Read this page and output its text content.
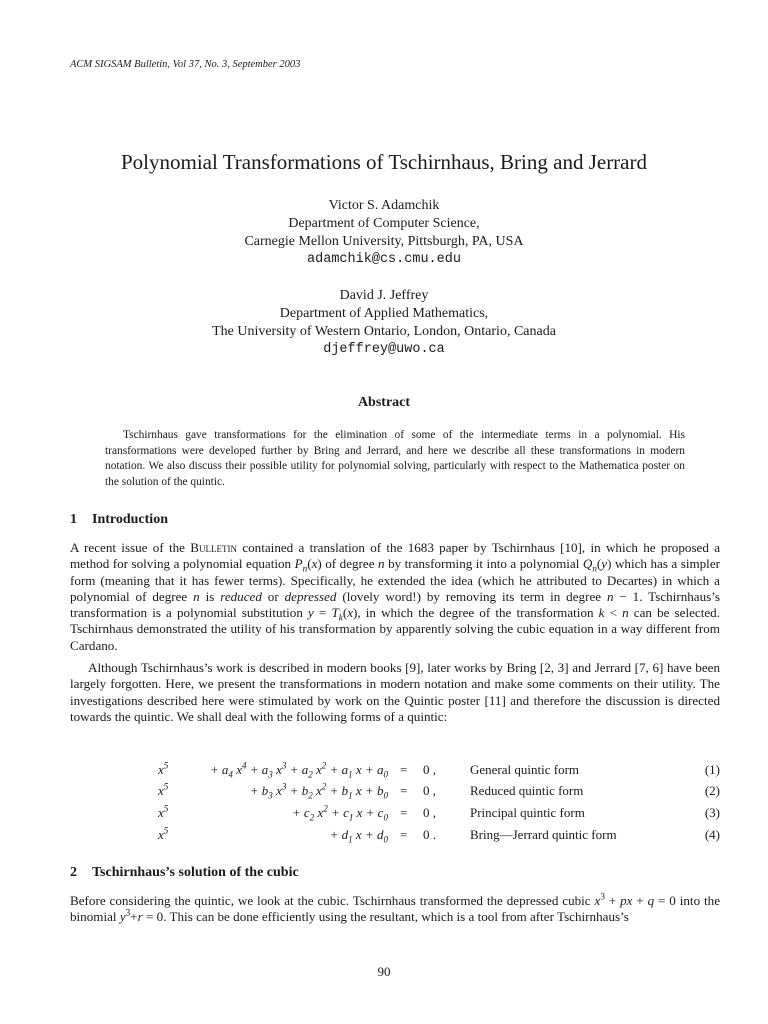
ACM SIGSAM Bulletin, Vol 37, No. 3, September 2003
Polynomial Transformations of Tschirnhaus, Bring and Jerrard
Victor S. Adamchik
Department of Computer Science,
Carnegie Mellon University, Pittsburgh, PA, USA
adamchik@cs.cmu.edu
David J. Jeffrey
Department of Applied Mathematics,
The University of Western Ontario, London, Ontario, Canada
djeffrey@uwo.ca
Abstract
Tschirnhaus gave transformations for the elimination of some of the intermediate terms in a polynomial. His transformations were developed further by Bring and Jerrard, and here we describe all these transformations in modern notation. We also discuss their possible utility for polynomial solving, particularly with respect to the Mathematica poster on the solution of the quintic.
1 Introduction
A recent issue of the Bulletin contained a translation of the 1683 paper by Tschirnhaus [10], in which he proposed a method for solving a polynomial equation $P_n(x)$ of degree n by transforming it into a polynomial $Q_n(y)$ which has a simpler form (meaning that it has fewer terms). Specifically, he extended the idea (which he attributed to Decartes) in which a polynomial of degree n is reduced or depressed (lovely word!) by removing its term in degree n − 1. Tschirnhaus’s transformation is a polynomial substitution $y = T_k(x)$, in which the degree of the transformation k < n can be selected. Tschirnhaus demonstrated the utility of his transformation by apparently solving the cubic equation in a way different from Cardano.
Although Tschirnhaus’s work is described in modern books [9], later works by Bring [2, 3] and Jerrard [7, 6] have been largely forgotten. Here, we present the transformations in modern notation and make some comments on their utility. The investigations described here were stimulated by work on the Quintic poster [11] and therefore the discussion is directed towards the quintic. We shall deal with the following forms of a quintic:
$x^5$	+ $a_4$ $x^4 + a_3$ $x^3 + a_2$ $x^2 + a_1$ $x + a_0 = 0$ ,	General quintic form	(1)
$x^5$	+ $b_3$ $x^3 + b_2$ $x^2 + b_1$ $x + b_0 = 0$ ,	Reduced quintic form	(2)
$x^5$	+ $c_2$ $x^2 + c_1$ $x + c_0 = 0$ ,	Principal quintic form	(3)
$x^5$	+ $d_1$ $x + d_0 = 0$ .	Bring—Jerrard quintic form	(4)
2 Tschirnhaus’s solution of the cubic
Before considering the quintic, we look at the cubic. Tschirnhaus transformed the depressed cubic $x^3$ + px + q = 0 into the binomial $y^3+r = 0$. This can be done efficiently using the resultant, which is a tool from after Tschirnhaus’s
90
